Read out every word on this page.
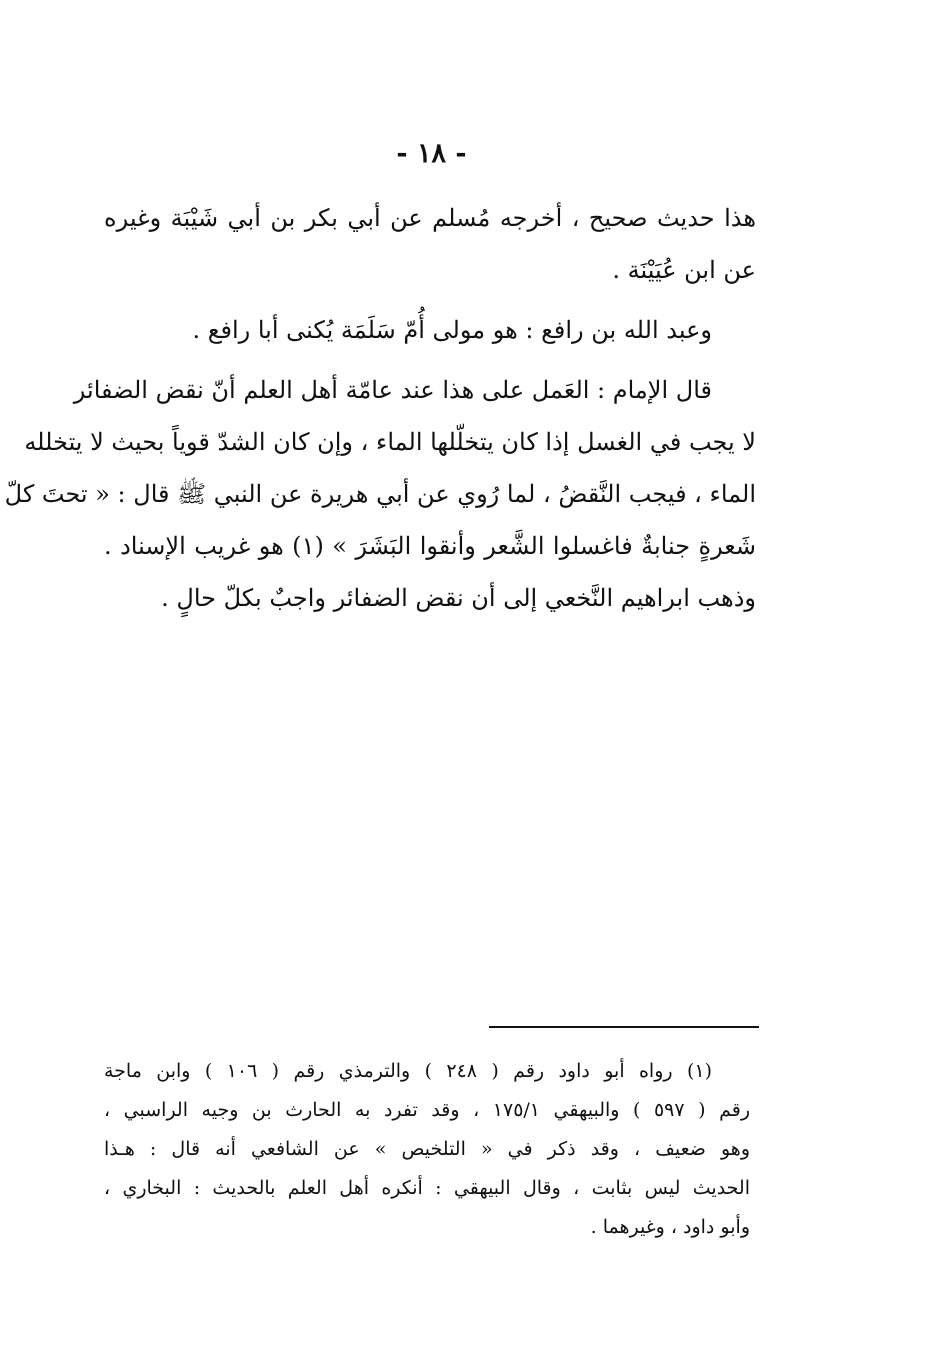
- ١٨ -
هذا حديث صحيح ، أخرجه مُسلم عن أبي بكر بن أبي شَيْبَة وغيره
عن ابن عُيَيْنَة .
وعبد الله بن رافع : هو مولى أُمّ سَلَمَة يُكنى أبا رافع .
قال الإمام : العَمل على هذا عند عامّة أهل العلم أنّ نقض الضفائر
لا يجب في الغسل إذا كان يتخلّلها الماء ، وإن كان الشدّ قوياً بحيث لا يتخلله
الماء ، فيجب النَّقضُ ، لما رُوي عن أبي هريرة عن النبي ﷺ قال : « تحتَ كلّ
شَعرةٍ جنابةٌ فاغسلوا الشَّعر وأنقوا البَشَرَ » (١) هو غريب الإسناد .
وذهب ابراهيم النَّخعي إلى أن نقض الضفائر واجبٌ بكلّ حالٍ .
(١) رواه أبو داود رقم ( ٢٤٨ ) والترمذي رقم ( ١٠٦ ) وابن ماجة
رقم ( ٥٩٧ ) والبيهقي ١٧٥/١ ، وقد تفرد به الحارث بن وجيه الراسبي ،
وهو ضعيف ، وقد ذكر في « التلخيص » عن الشافعي أنه قال : هـذا
الحديث ليس بثابت ، وقال البيهقي : أنكره أهل العلم بالحديث : البخاري ،
وأبو داود ، وغيرهما .
